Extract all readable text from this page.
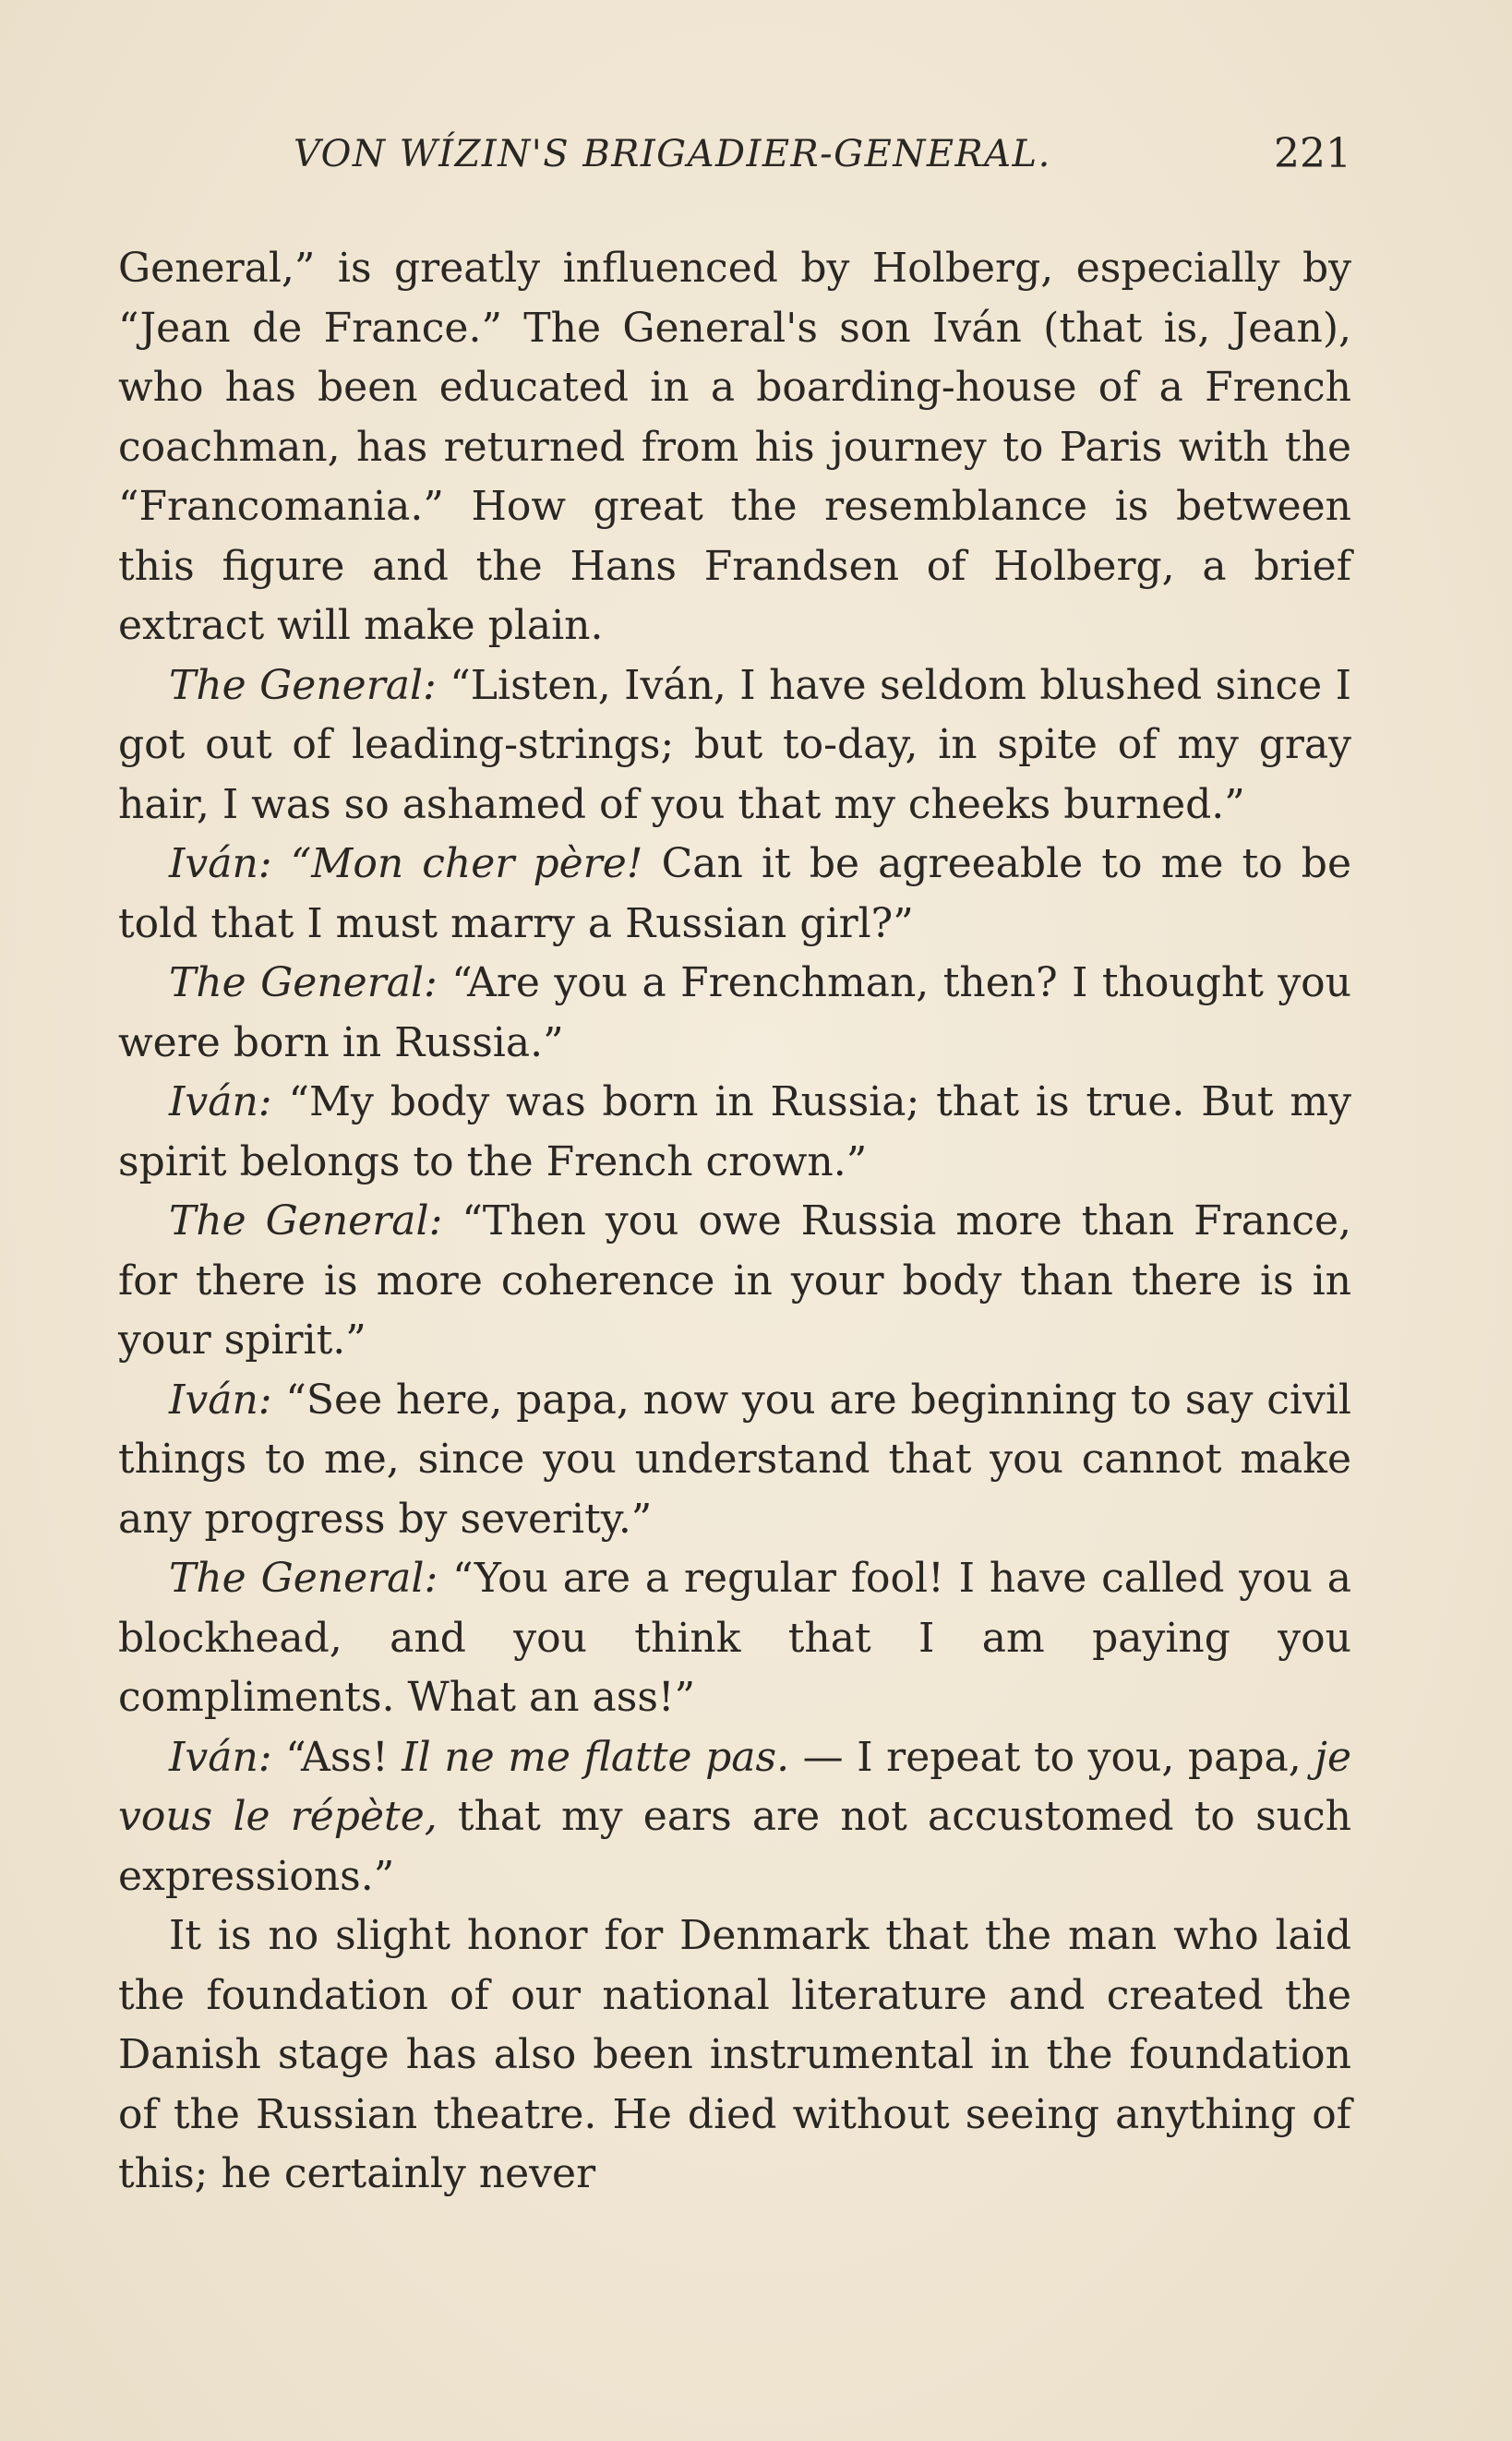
VON WÍZIN'S BRIGADIER-GENERAL.	221

General,” is greatly influenced by Holberg, especially by “Jean de France.” The General's son Iván (that is, Jean), who has been educated in a boarding-house of a French coachman, has returned from his journey to Paris with the “Francomania.” How great the resemblance is between this figure and the Hans Frandsen of Holberg, a brief extract will make plain.

The General: “Listen, Iván, I have seldom blushed since I got out of leading-strings; but to-day, in spite of my gray hair, I was so ashamed of you that my cheeks burned.”

Iván: “Mon cher père! Can it be agreeable to me to be told that I must marry a Russian girl?”

The General: “Are you a Frenchman, then? I thought you were born in Russia.”

Iván: “My body was born in Russia; that is true. But my spirit belongs to the French crown.”

The General: “Then you owe Russia more than France, for there is more coherence in your body than there is in your spirit.”

Iván: “See here, papa, now you are beginning to say civil things to me, since you understand that you cannot make any progress by severity.”

The General: “You are a regular fool! I have called you a blockhead, and you think that I am paying you compliments. What an ass!”

Iván: “Ass! Il ne me flatte pas. — I repeat to you, papa, je vous le répète, that my ears are not accustomed to such expressions.”

It is no slight honor for Denmark that the man who laid the foundation of our national literature and created the Danish stage has also been instrumental in the foundation of the Russian theatre. He died without seeing anything of this; he certainly never
